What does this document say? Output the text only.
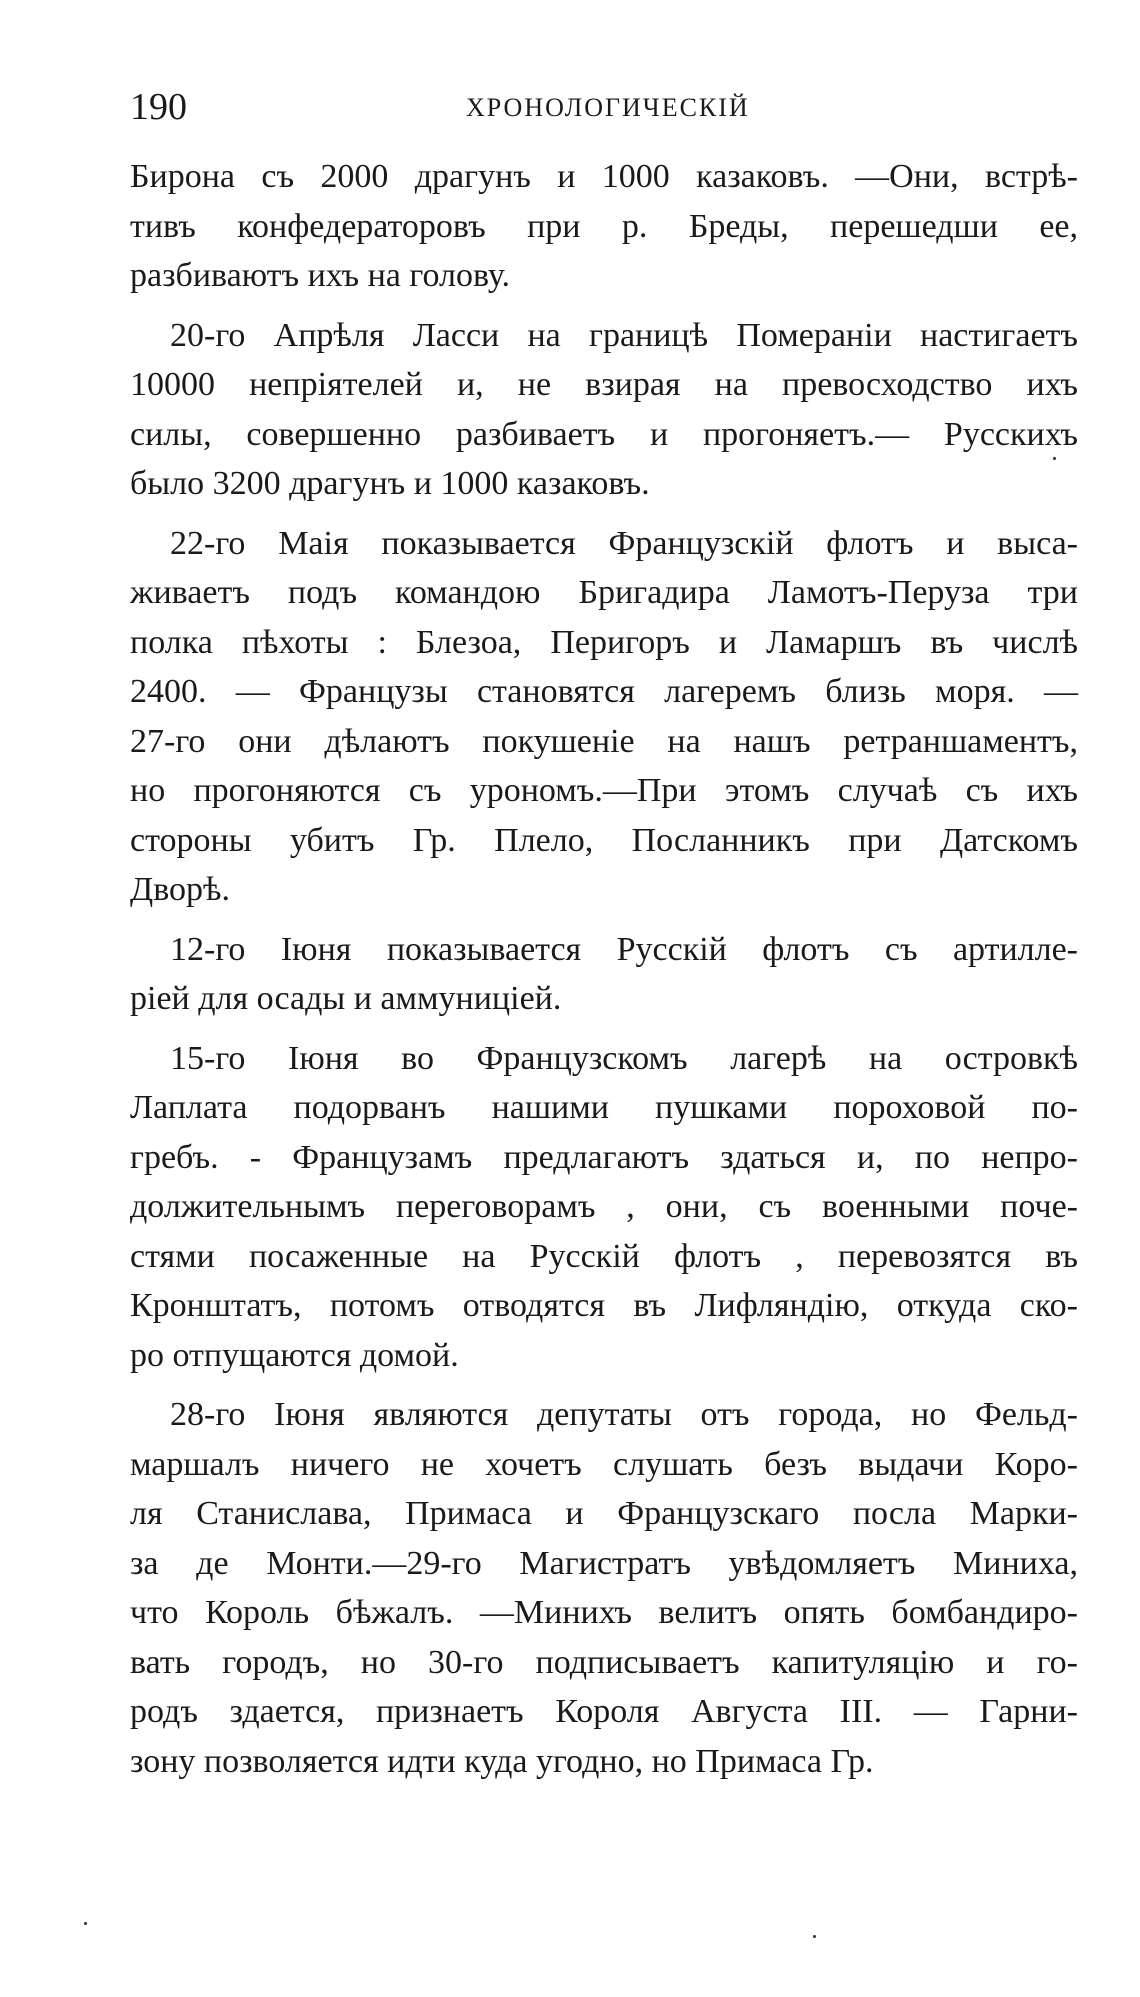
190	ХРОНОЛОГИЧЕСКІЙ
Бирона съ 2000 драгунъ и 1000 казаковъ. —Они, встрѣ-
тивъ конфедераторовъ при р. Бреды, перешедши ее,
разбиваютъ ихъ на голову.
20-го Апрѣля Ласси на границѣ Помераніи настигаетъ
10000 непріятелей и, не взирая на превосходство ихъ
силы, совершенно разбиваетъ и прогоняетъ.— Русскихъ
было 3200 драгунъ и 1000 казаковъ.
22-го Маія показывается Французскій флотъ и выса-
живаетъ подъ командою Бригадира Ламотъ-Перуза три
полка пѣхоты : Блезоа, Перигоръ и Ламаршъ въ числѣ
2400. — Французы становятся лагеремъ близь моря. —
27-го они дѣлаютъ покушеніе на нашъ ретраншаментъ,
но прогоняются съ урономъ.—При этомъ случаѣ съ ихъ
стороны убитъ Гр. Плело, Посланникъ при Датскомъ
Дворѣ.
12-го Іюня показывается Русскій флотъ съ артилле-
ріей для осады и аммуниціей.
15-го Іюня во Французскомъ лагерѣ на островкѣ
Лаплата подорванъ нашими пушками пороховой по-
гребъ. - Французамъ предлагаютъ здаться и, по непро-
должительнымъ переговорамъ , они, съ военными поче-
стями посаженные на Русскій флотъ , перевозятся въ
Кронштатъ, потомъ отводятся въ Лифляндію, откуда ско-
ро отпущаются домой.
28-го Іюня являются депутаты отъ города, но Фельд-
маршалъ ничего не хочетъ слушать безъ выдачи Коро-
ля Станислава, Примаса и Французскаго посла Марки-
за де Монти.—29-го Магистратъ увѣдомляетъ Миниха,
что Король бѣжалъ. —Минихъ велитъ опять бомбандиро-
вать городъ, но 30-го подписываетъ капитуляцію и го-
родъ здается, признаетъ Короля Августа III. — Гарни-
зону позволяется идти куда угодно, но Примаса Гр.
